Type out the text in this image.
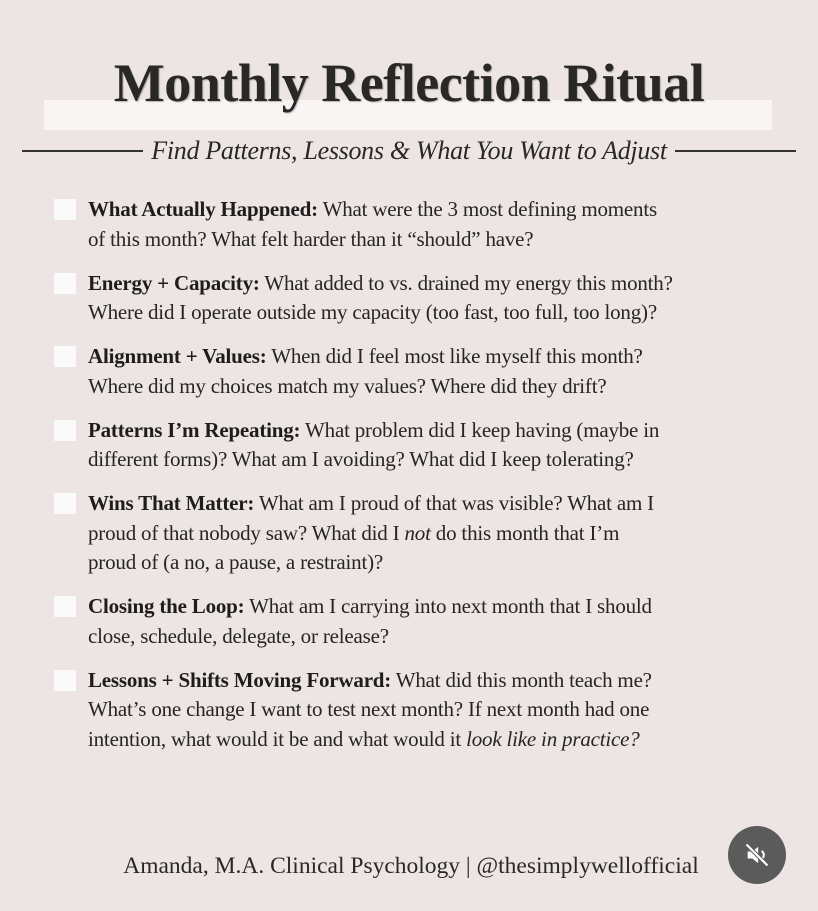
Monthly Reflection Ritual
Find Patterns, Lessons & What You Want to Adjust
What Actually Happened: What were the 3 most defining moments
of this month? What felt harder than it “should” have?
Energy + Capacity: What added to vs. drained my energy this month?
Where did I operate outside my capacity (too fast, too full, too long)?
Alignment + Values: When did I feel most like myself this month?
Where did my choices match my values? Where did they drift?
Patterns I’m Repeating: What problem did I keep having (maybe in
different forms)? What am I avoiding? What did I keep tolerating?
Wins That Matter: What am I proud of that was visible? What am I
proud of that nobody saw? What did I not do this month that I’m
proud of (a no, a pause, a restraint)?
Closing the Loop: What am I carrying into next month that I should
close, schedule, delegate, or release?
Lessons + Shifts Moving Forward: What did this month teach me?
What’s one change I want to test next month? If next month had one
intention, what would it be and what would it look like in practice?
Amanda, M.A. Clinical Psychology | @thesimplywellofficial
